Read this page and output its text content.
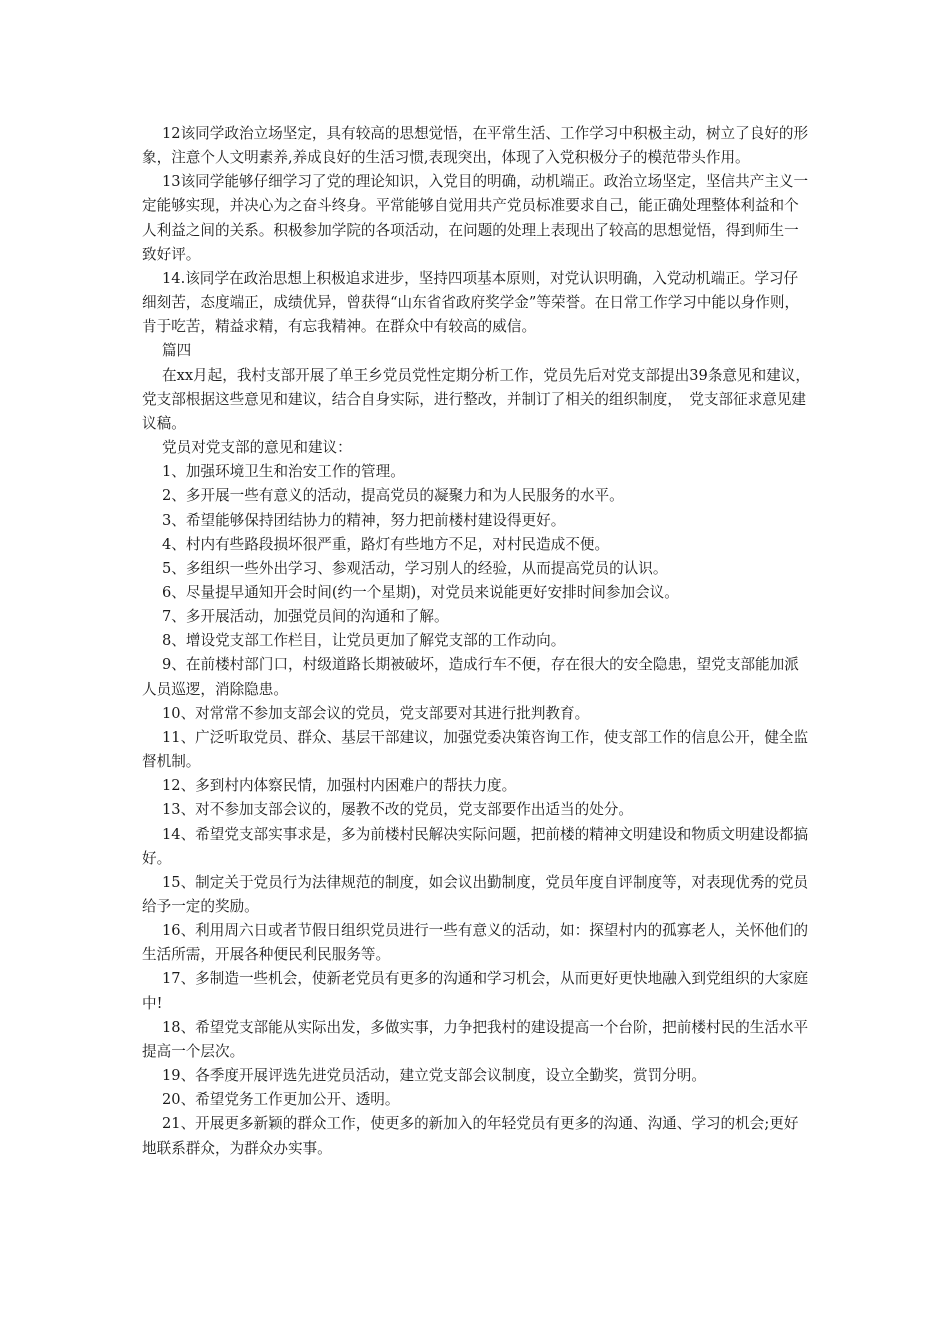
12该同学政治立场坚定，具有较高的思想觉悟，在平常生活、工作学习中积极主动，树立了良好的形象，注意个人文明素养,养成良好的生活习惯,表现突出，体现了入党积极分子的模范带头作用。

13该同学能够仔细学习了党的理论知识，入党目的明确，动机端正。政治立场坚定，坚信共产主义一定能够实现，并决心为之奋斗终身。平常能够自觉用共产党员标准要求自己，能正确处理整体利益和个人利益之间的关系。积极参加学院的各项活动，在问题的处理上表现出了较高的思想觉悟，得到师生一致好评。

14.该同学在政治思想上积极追求进步，坚持四项基本原则，对党认识明确，入党动机端正。学习仔细刻苦，态度端正，成绩优异，曾获得“山东省省政府奖学金”等荣誉。在日常工作学习中能以身作则，肯于吃苦，精益求精，有忘我精神。在群众中有较高的威信。

篇四

在xx月起，我村支部开展了单王乡党员党性定期分析工作，党员先后对党支部提出39条意见和建议，党支部根据这些意见和建议，结合自身实际，进行整改，并制订了相关的组织制度，　党支部征求意见建议稿。

党员对党支部的意见和建议：

1、加强环境卫生和治安工作的管理。

2、多开展一些有意义的活动，提高党员的凝聚力和为人民服务的水平。

3、希望能够保持团结协力的精神，努力把前楼村建设得更好。

4、村内有些路段损坏很严重，路灯有些地方不足，对村民造成不便。

5、多组织一些外出学习、参观活动，学习别人的经验，从而提高党员的认识。

6、尽量提早通知开会时间(约一个星期)，对党员来说能更好安排时间参加会议。

7、多开展活动，加强党员间的沟通和了解。

8、增设党支部工作栏目，让党员更加了解党支部的工作动向。

9、在前楼村部门口，村级道路长期被破坏，造成行车不便，存在很大的安全隐患，望党支部能加派人员巡逻，消除隐患。

10、对常常不参加支部会议的党员，党支部要对其进行批判教育。

11、广泛听取党员、群众、基层干部建议，加强党委决策咨询工作，使支部工作的信息公开，健全监督机制。

12、多到村内体察民情，加强村内困难户的帮扶力度。

13、对不参加支部会议的，屡教不改的党员，党支部要作出适当的处分。

14、希望党支部实事求是，多为前楼村民解决实际问题，把前楼的精神文明建设和物质文明建设都搞好。

15、制定关于党员行为法律规范的制度，如会议出勤制度，党员年度自评制度等，对表现优秀的党员给予一定的奖励。

16、利用周六日或者节假日组织党员进行一些有意义的活动，如：探望村内的孤寡老人，关怀他们的生活所需，开展各种便民利民服务等。

17、多制造一些机会，使新老党员有更多的沟通和学习机会，从而更好更快地融入到党组织的大家庭中!

18、希望党支部能从实际出发，多做实事，力争把我村的建设提高一个台阶，把前楼村民的生活水平提高一个层次。

19、各季度开展评选先进党员活动，建立党支部会议制度，设立全勤奖，赏罚分明。

20、希望党务工作更加公开、透明。

21、开展更多新颖的群众工作，使更多的新加入的年轻党员有更多的沟通、沟通、学习的机会;更好地联系群众，为群众办实事。
